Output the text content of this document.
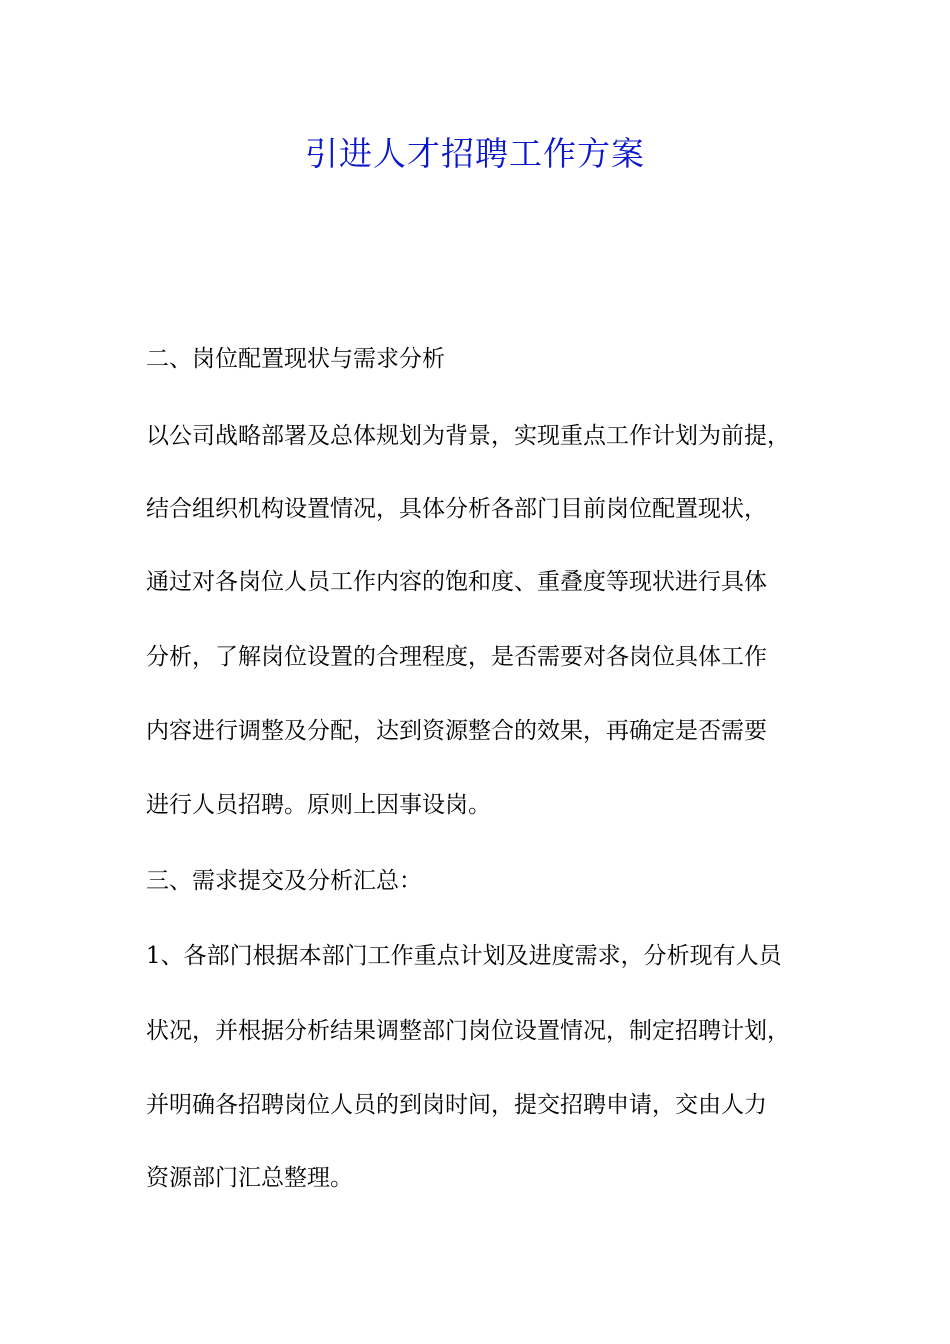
引进人才招聘工作方案

二、岗位配置现状与需求分析

以公司战略部署及总体规划为背景，实现重点工作计划为前提，

结合组织机构设置情况，具体分析各部门目前岗位配置现状，

通过对各岗位人员工作内容的饱和度、重叠度等现状进行具体

分析，了解岗位设置的合理程度，是否需要对各岗位具体工作

内容进行调整及分配，达到资源整合的效果，再确定是否需要

进行人员招聘。原则上因事设岗。

三、需求提交及分析汇总：

1、各部门根据本部门工作重点计划及进度需求，分析现有人员

状况，并根据分析结果调整部门岗位设置情况，制定招聘计划，

并明确各招聘岗位人员的到岗时间，提交招聘申请，交由人力

资源部门汇总整理。
